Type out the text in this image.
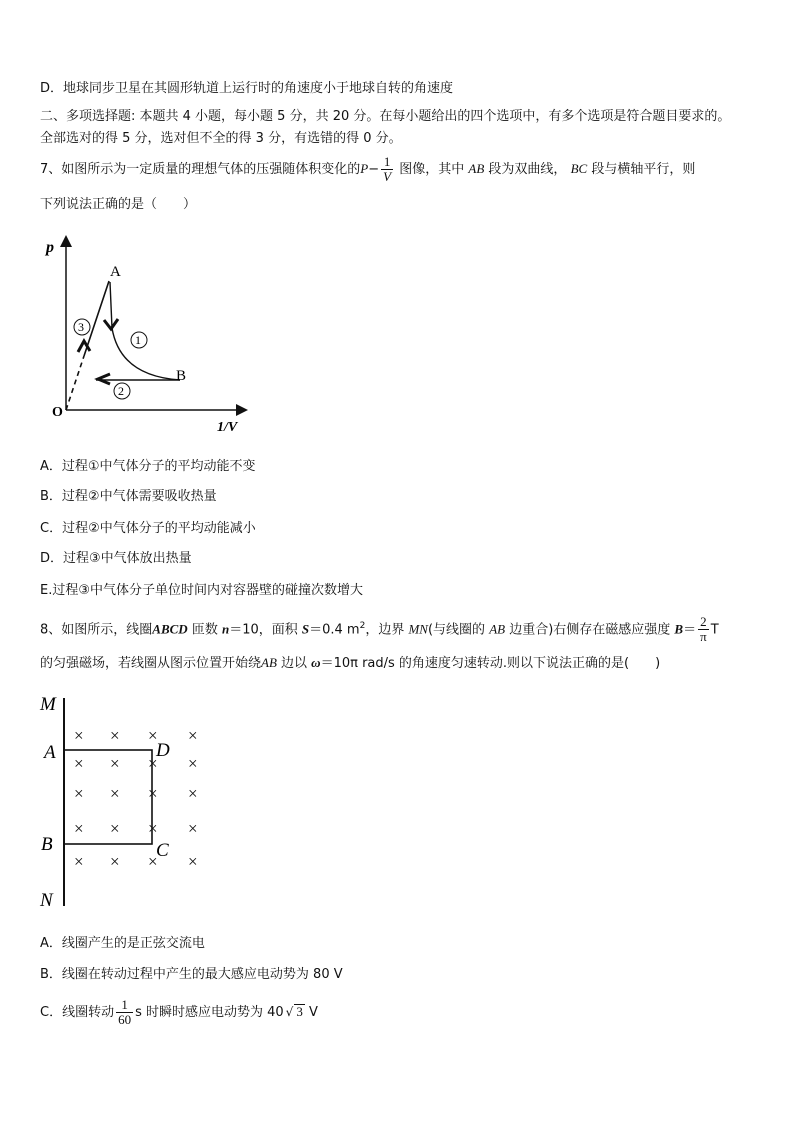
D．地球同步卫星在其圆形轨道上运行时的角速度小于地球自转的角速度
二、多项选择题: 本题共 4 小题，每小题 5 分，共 20 分。在每小题给出的四个选项中，有多个选项是符合题目要求的。
全部选对的得 5 分，选对但不全的得 3 分，有选错的得 0 分。
7、如图所示为一定质量的理想气体的压强随体积变化的$P- \frac{1}{V}$ 图像，其中 AB 段为双曲线， BC 段与横轴平行，则
下列说法正确的是（　　）
p
1/V
O
A
B
1
2
3
A．过程①中气体分子的平均动能不变
B．过程②中气体需要吸收热量
C．过程②中气体分子的平均动能减小
D．过程③中气体放出热量
E.过程③中气体分子单位时间内对容器壁的碰撞次数增大
8、如图所示，线圈ABCD 匝数 n＝10，面积 S＝0.4 $m^2$，边界 MN(与线圈的 AB 边重合)右侧存在磁感应强度 $B= \frac{2}{\pi}$ T
的匀强磁场，若线圈从图示位置开始绕AB 边以 ω＝10π rad/s 的角速度匀速转动.则以下说法正确的是(　　)
M
N
A
B
D
C
× × × ×
× × × ×
× × × ×
× × × ×
× × × ×
A．线圈产生的是正弦交流电
B．线圈在转动过程中产生的最大感应电动势为 80 V
C．线圈转动 $\frac{1}{60}$ s 时瞬时感应电动势为 40 √ 3 V
